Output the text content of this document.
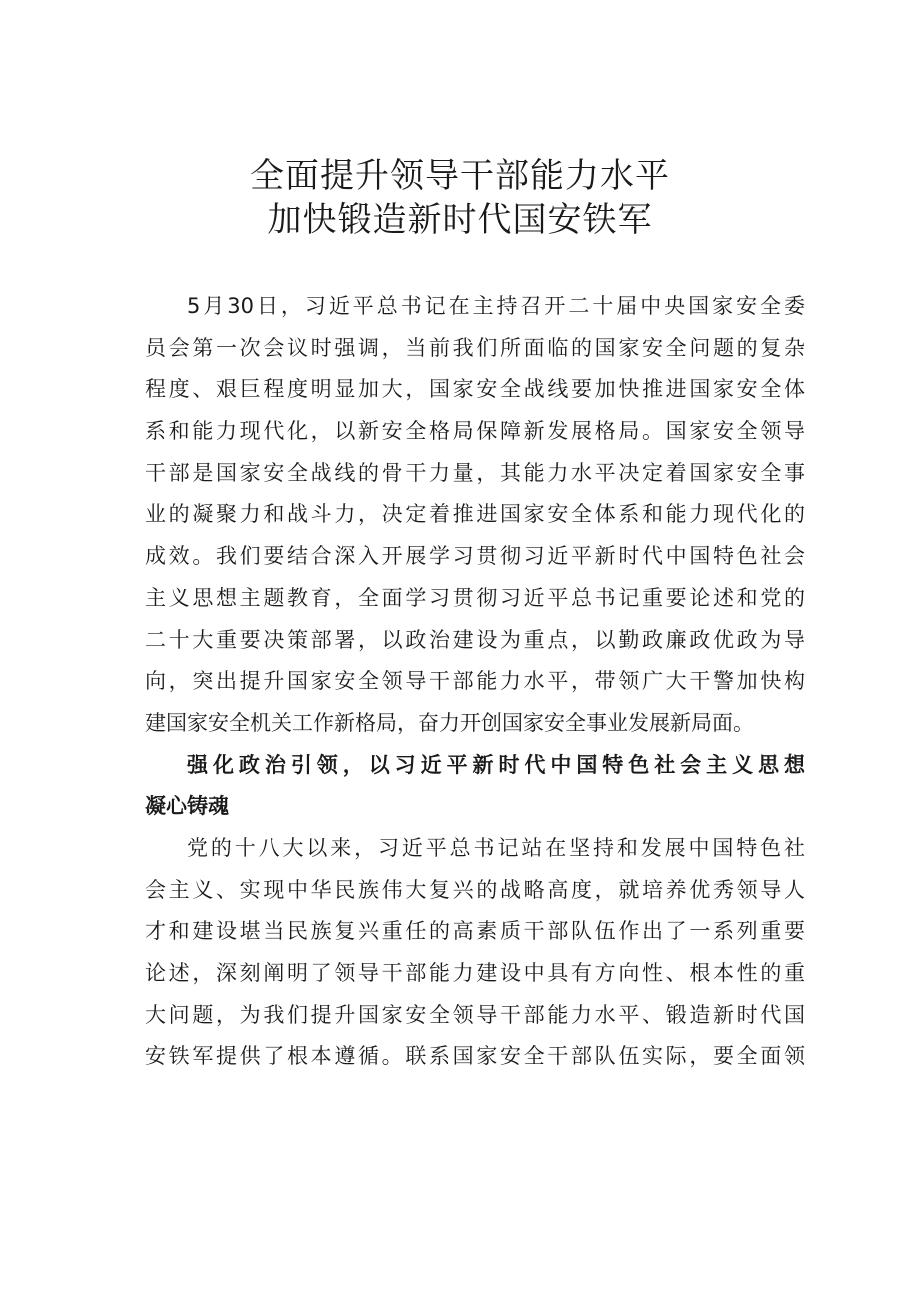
全面提升领导干部能力水平
加快锻造新时代国安铁军
5月30日，习近平总书记在主持召开二十届中央国家安全委
员会第一次会议时强调，当前我们所面临的国家安全问题的复杂
程度、艰巨程度明显加大，国家安全战线要加快推进国家安全体
系和能力现代化，以新安全格局保障新发展格局。国家安全领导
干部是国家安全战线的骨干力量，其能力水平决定着国家安全事
业的凝聚力和战斗力，决定着推进国家安全体系和能力现代化的
成效。我们要结合深入开展学习贯彻习近平新时代中国特色社会
主义思想主题教育，全面学习贯彻习近平总书记重要论述和党的
二十大重要决策部署，以政治建设为重点，以勤政廉政优政为导
向，突出提升国家安全领导干部能力水平，带领广大干警加快构
建国家安全机关工作新格局，奋力开创国家安全事业发展新局面。
强化政治引领，以习近平新时代中国特色社会主义思想
凝心铸魂
党的十八大以来，习近平总书记站在坚持和发展中国特色社
会主义、实现中华民族伟大复兴的战略高度，就培养优秀领导人
才和建设堪当民族复兴重任的高素质干部队伍作出了一系列重要
论述，深刻阐明了领导干部能力建设中具有方向性、根本性的重
大问题，为我们提升国家安全领导干部能力水平、锻造新时代国
安铁军提供了根本遵循。联系国家安全干部队伍实际，要全面领
